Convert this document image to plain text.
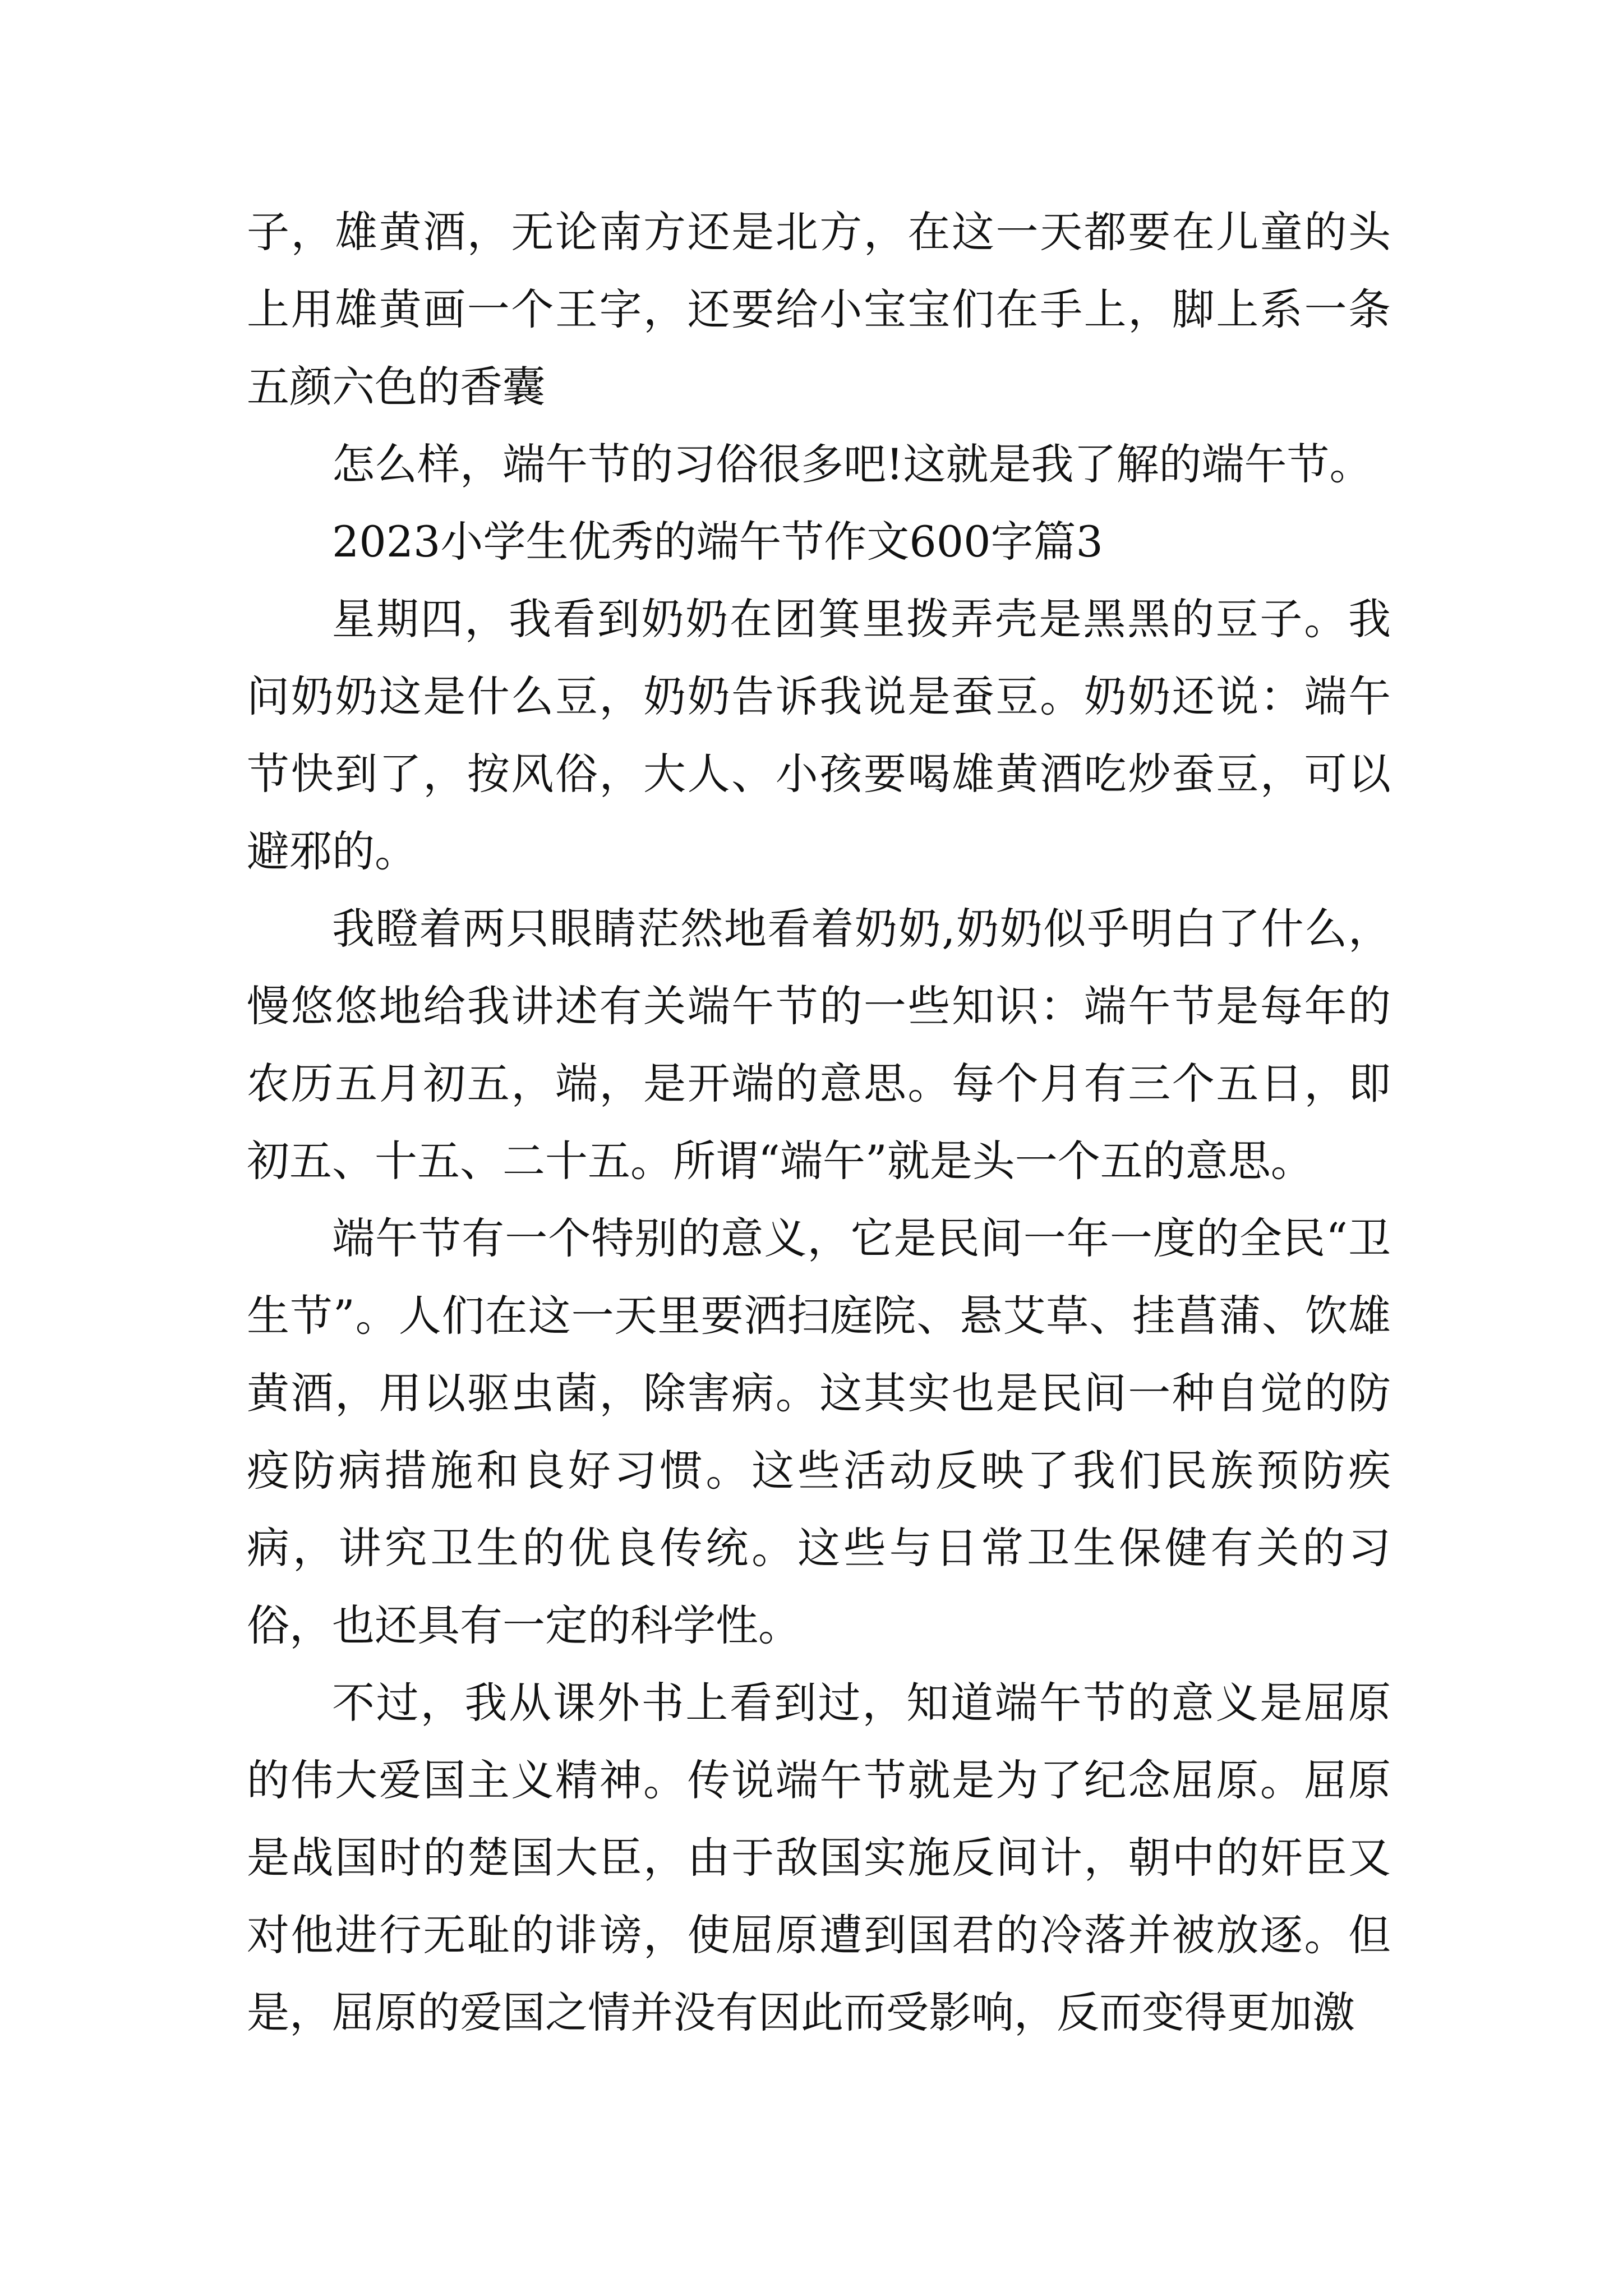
子，雄黄酒，无论南方还是北方，在这一天都要在儿童的头上用雄黄画一个王字，还要给小宝宝们在手上，脚上系一条五颜六色的香囊

怎么样，端午节的习俗很多吧!这就是我了解的端午节。

2023小学生优秀的端午节作文600字篇3

星期四，我看到奶奶在团箕里拨弄壳是黑黑的豆子。我问奶奶这是什么豆，奶奶告诉我说是蚕豆。奶奶还说：端午节快到了，按风俗，大人、小孩要喝雄黄酒吃炒蚕豆，可以避邪的。

我瞪着两只眼睛茫然地看着奶奶,奶奶似乎明白了什么，慢悠悠地给我讲述有关端午节的一些知识：端午节是每年的农历五月初五，端，是开端的意思。每个月有三个五日，即初五、十五、二十五。所谓“端午”就是头一个五的意思。

端午节有一个特别的意义，它是民间一年一度的全民“卫生节”。人们在这一天里要洒扫庭院、悬艾草、挂菖蒲、饮雄黄酒，用以驱虫菌，除害病。这其实也是民间一种自觉的防疫防病措施和良好习惯。这些活动反映了我们民族预防疾病，讲究卫生的优良传统。这些与日常卫生保健有关的习俗，也还具有一定的科学性。

不过，我从课外书上看到过，知道端午节的意义是屈原的伟大爱国主义精神。传说端午节就是为了纪念屈原。屈原是战国时的楚国大臣，由于敌国实施反间计，朝中的奸臣又对他进行无耻的诽谤，使屈原遭到国君的冷落并被放逐。但是，屈原的爱国之情并没有因此而受影响，反而变得更加激
